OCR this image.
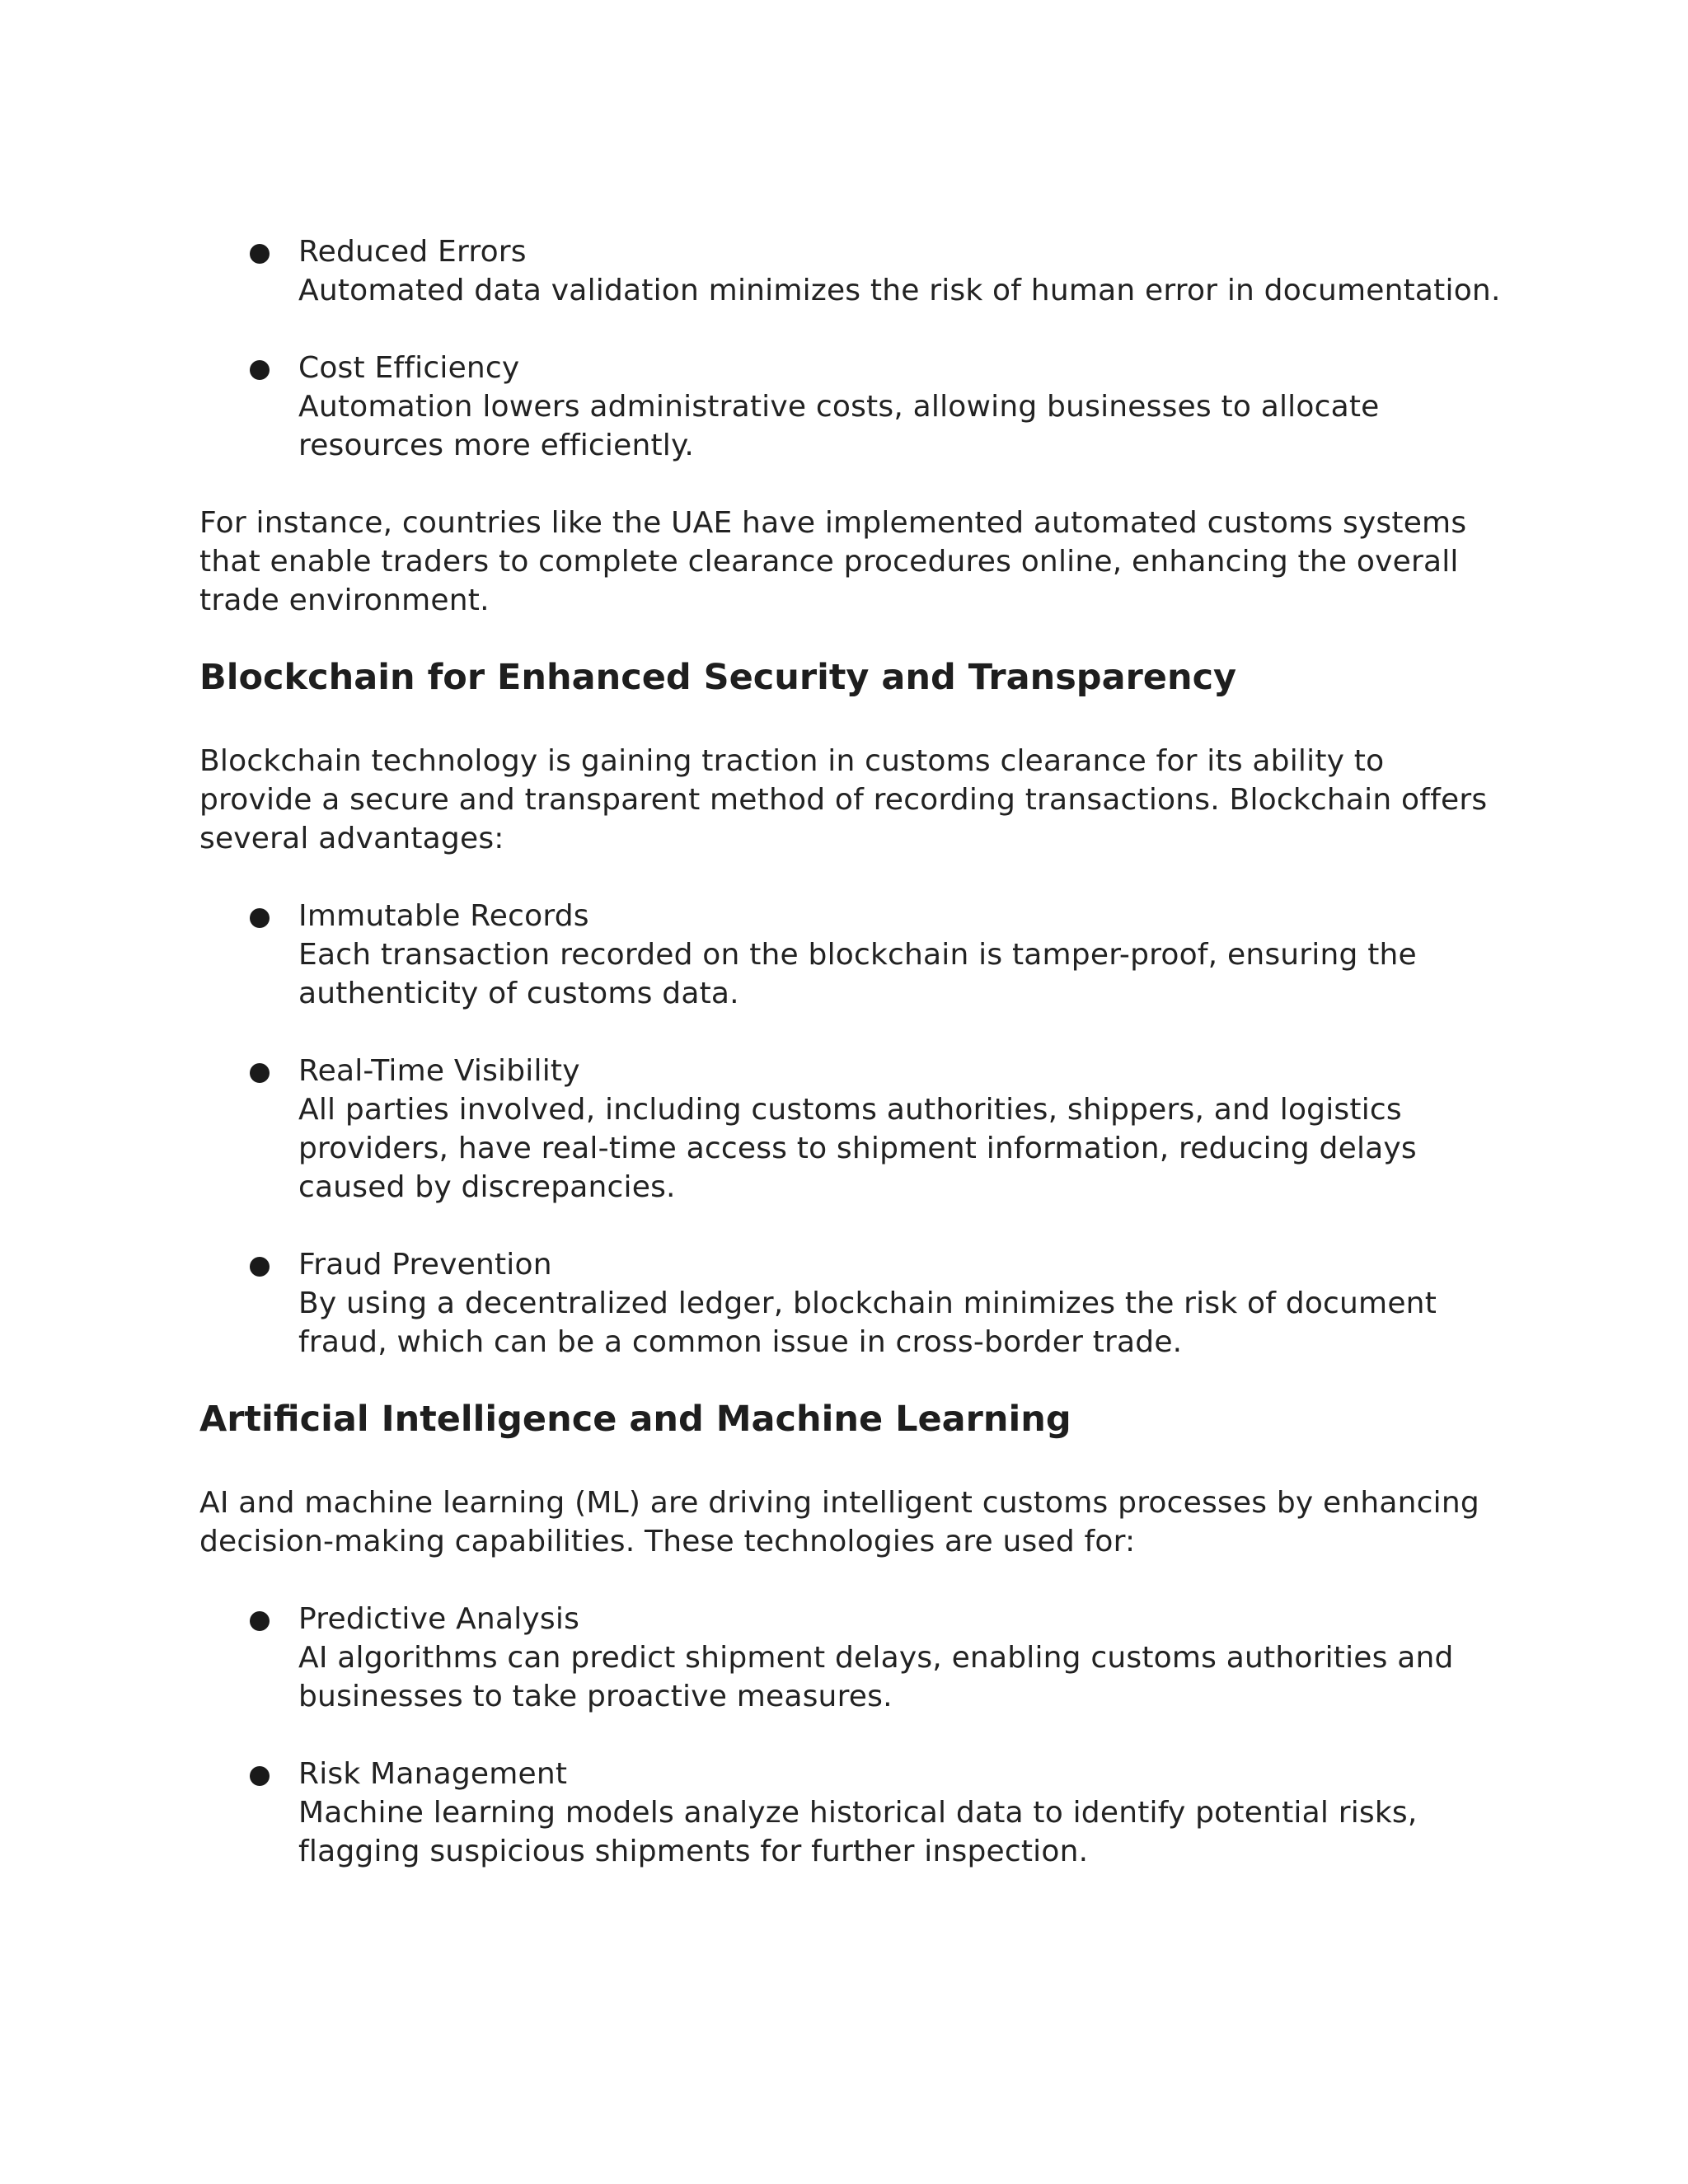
Reduced Errors
Automated data validation minimizes the risk of human error in documentation.
Cost Efficiency
Automation lowers administrative costs, allowing businesses to allocate resources more efficiently.

For instance, countries like the UAE have implemented automated customs systems that enable traders to complete clearance procedures online, enhancing the overall trade environment.

Blockchain for Enhanced Security and Transparency

Blockchain technology is gaining traction in customs clearance for its ability to provide a secure and transparent method of recording transactions. Blockchain offers several advantages:

Immutable Records
Each transaction recorded on the blockchain is tamper-proof, ensuring the authenticity of customs data.
Real-Time Visibility
All parties involved, including customs authorities, shippers, and logistics providers, have real-time access to shipment information, reducing delays caused by discrepancies.
Fraud Prevention
By using a decentralized ledger, blockchain minimizes the risk of document fraud, which can be a common issue in cross-border trade.
Artificial Intelligence and Machine Learning

AI and machine learning (ML) are driving intelligent customs processes by enhancing decision-making capabilities. These technologies are used for:

Predictive Analysis
AI algorithms can predict shipment delays, enabling customs authorities and businesses to take proactive measures.
Risk Management
Machine learning models analyze historical data to identify potential risks, flagging suspicious shipments for further inspection.
